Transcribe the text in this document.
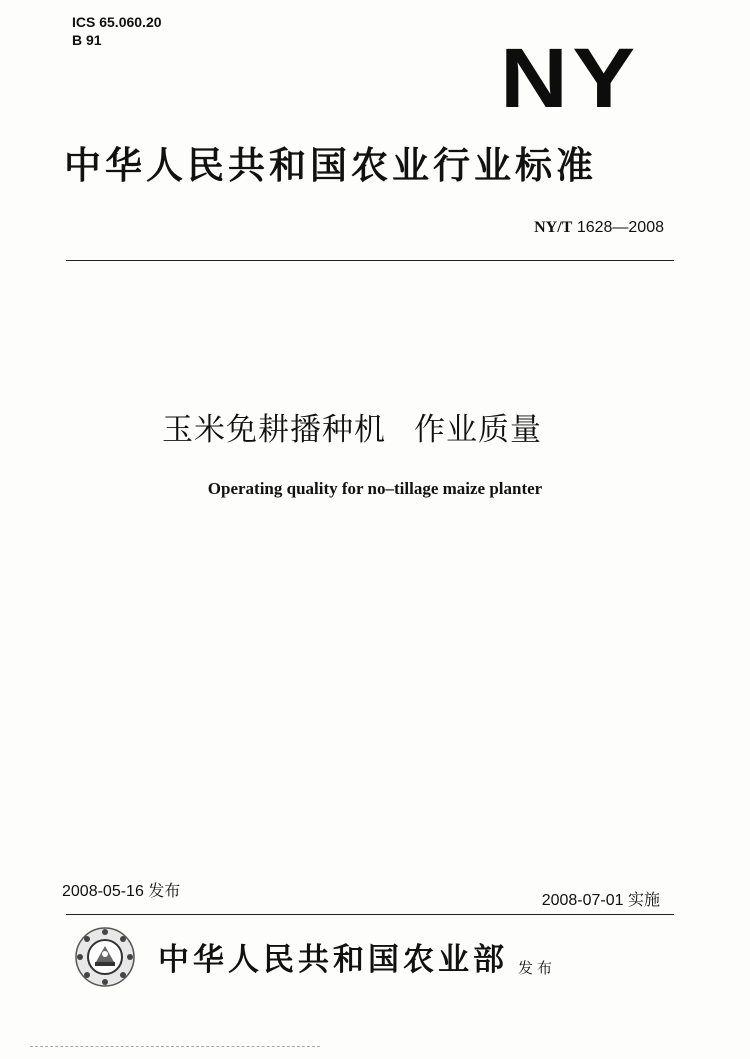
ICS 65.060.20
B 91	NY
中华人民共和国农业行业标准
NY/T 1628—2008
玉米免耕播种机 作业质量
Operating quality for no–tillage maize planter
2008-05-16 发布
2008-07-01 实施
中华人民共和国农业部 发布
